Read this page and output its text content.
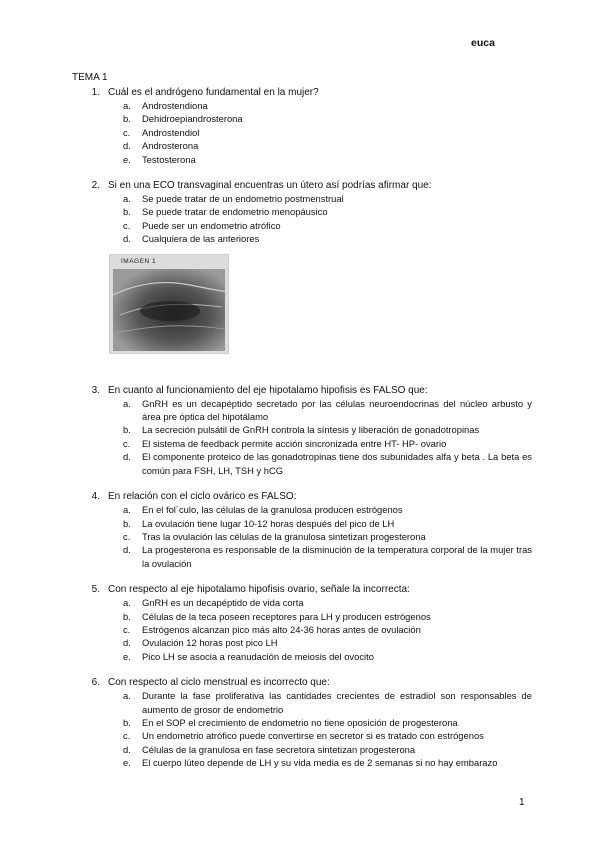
euca
TEMA 1
1. Cuál es el andrógeno fundamental en la mujer?
a.	Androstendiona
b.	Dehidroepiandrosterona
c.	Androstendiol
d.	Androsterona
e.	Testosterona
2. Si en una ECO transvaginal encuentras un útero así podrías afirmar que:
a.	Se puede tratar de un endometrio postmenstrual
b.	Se puede tratar de endometrio menopáusico
c.	Puede ser un endometrio atrófico
d.	Cualquiera de las anteriores
IMAGEN 1
3. En cuanto al funcionamiento del eje hipotalamo hipofisis es FALSO que:
a.	GnRH es un decapéptido secretado por las células neuroendocrinas del núcleo arbusto y área pre óptica del hipotálamo
b.	La secreción pulsátil de GnRH controla la síntesis y liberación de gonadotropinas
c.	El sistema de feedback permite acción sincronizada entre HT- HP- ovario
d.	El componente proteico de las gonadotropinas tiene dos subunidades alfa y beta . La beta es común para FSH, LH, TSH y hCG
4. En relación con el ciclo ovárico es FALSO:
a.	En el fol´culo, las células de la granulosa producen estrógenos
b.	La ovulación tiene lugar 10-12 horas después del pico de LH
c.	Tras la ovulación las células de la granulosa sintetizan progesterona
d.	La progesterona es responsable de la disminución de la temperatura corporal de la mujer tras la ovulación
5. Con respecto al eje hipotalamo hipofisis ovario, señale la incorrecta:
a.	GnRH es un decapéptido de vida corta
b.	Células de la teca poseen receptores para LH y producen estrógenos
c.	Estrógenos alcanzan pico más alto 24-36 horas antes de ovulación
d.	Ovulación 12 horas post pico LH
e.	Pico LH se asocia a reanudación de meiosis del ovocito
6. Con respecto al ciclo menstrual es incorrecto que:
a.	Durante la fase proliferativa las cantidades crecientes de estradiol son responsables de aumento de grosor de endometrio
b.	En el SOP el crecimiento de endometrio no tiene oposición de progesterona
c.	Un endometrio atrófico puede convertirse en secretor si es tratado con estrógenos
d.	Células de la granulosa en fase secretora sintetizan progesterona
e.	El cuerpo lúteo depende de LH y su vida media es de 2 semanas si no hay embarazo
1
